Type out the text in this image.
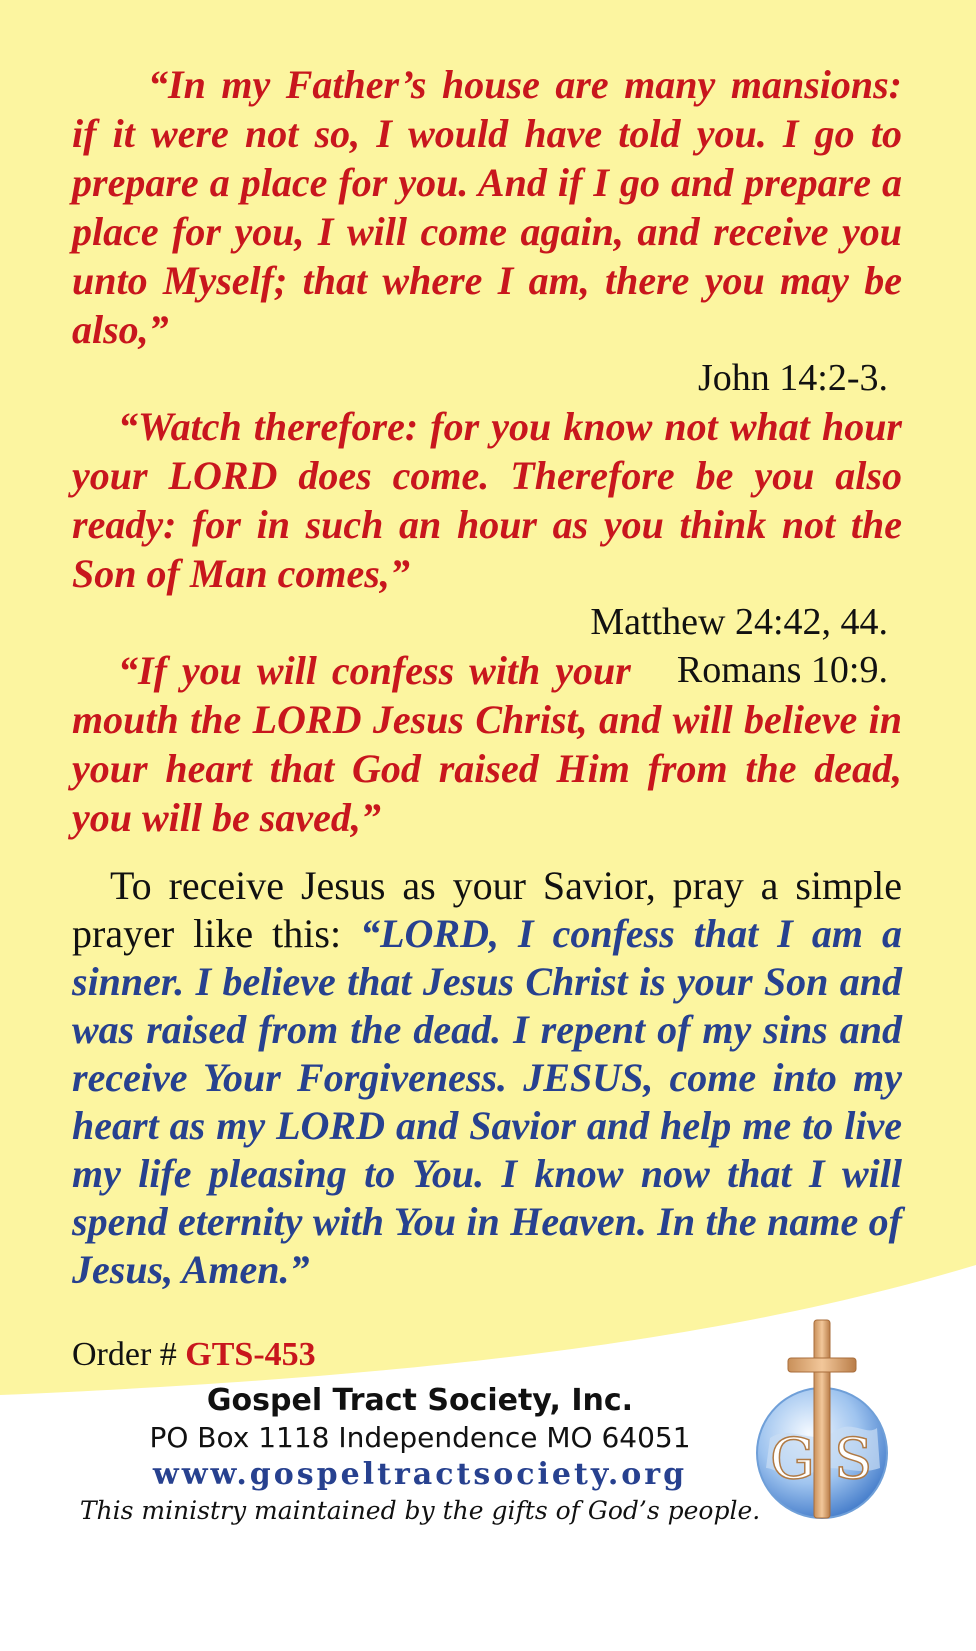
“In my Father’s house are many mansions: if it were not so, I would have told you. I go to prepare a place for you. And if I go and prepare a place for you, I will come again, and receive you unto Myself; that where I am, there you may be also,”

John 14:2-3.

“Watch therefore: for you know not what hour your LORD does come. Therefore be you also ready: for in such an hour as you think not the Son of Man comes,”

Matthew 24:42, 44.

Romans 10:9.
“If you will confess with your mouth the LORD Jesus Christ, and will believe in your heart that God raised Him from the dead, you will be saved,”

To receive Jesus as your Savior, pray a simple prayer like this: “LORD, I confess that I am a sinner. I believe that Jesus Christ is your Son and was raised from the dead. I repent of my sins and receive Your Forgiveness. JESUS, come into my heart as my LORD and Savior and help me to live my life pleasing to You. I know now that I will spend eternity with You in Heaven. In the name of Jesus, Amen.”

Order # GTS-453
Gospel Tract Society, Inc.
PO Box 1118 Independence MO 64051
www.gospeltractsociety.org
This ministry maintained by the gifts of God’s people.
G S
